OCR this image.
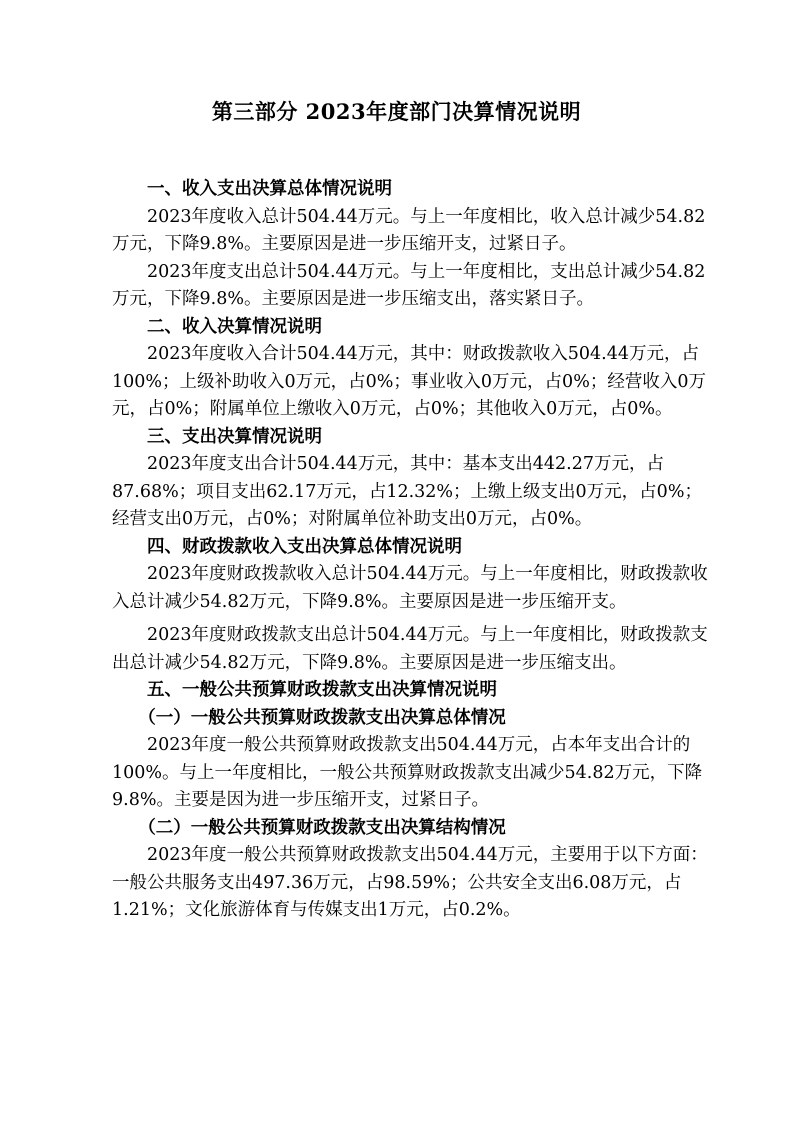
第三部分 2023年度部门决算情况说明
一、收入支出决算总体情况说明
2023年度收入总计504.44万元。与上一年度相比，收入总计减少54.82万元，下降9.8%。主要原因是进一步压缩开支，过紧日子。
2023年度支出总计504.44万元。与上一年度相比，支出总计减少54.82万元，下降9.8%。主要原因是进一步压缩支出，落实紧日子。
二、收入决算情况说明
2023年度收入合计504.44万元，其中：财政拨款收入504.44万元，占100%；上级补助收入0万元，占0%；事业收入0万元，占0%；经营收入0万元，占0%；附属单位上缴收入0万元，占0%；其他收入0万元，占0%。
三、支出决算情况说明
2023年度支出合计504.44万元，其中：基本支出442.27万元，占87.68%；项目支出62.17万元，占12.32%；上缴上级支出0万元，占0%；经营支出0万元，占0%；对附属单位补助支出0万元，占0%。
四、财政拨款收入支出决算总体情况说明
2023年度财政拨款收入总计504.44万元。与上一年度相比，财政拨款收入总计减少54.82万元，下降9.8%。主要原因是进一步压缩开支。
2023年度财政拨款支出总计504.44万元。与上一年度相比，财政拨款支出总计减少54.82万元，下降9.8%。主要原因是进一步压缩支出。
五、一般公共预算财政拨款支出决算情况说明
（一）一般公共预算财政拨款支出决算总体情况
2023年度一般公共预算财政拨款支出504.44万元，占本年支出合计的100%。与上一年度相比，一般公共预算财政拨款支出减少54.82万元，下降9.8%。主要是因为进一步压缩开支，过紧日子。
（二）一般公共预算财政拨款支出决算结构情况
2023年度一般公共预算财政拨款支出504.44万元，主要用于以下方面：一般公共服务支出497.36万元，占98.59%；公共安全支出6.08万元，占1.21%；文化旅游体育与传媒支出1万元，占0.2%。
